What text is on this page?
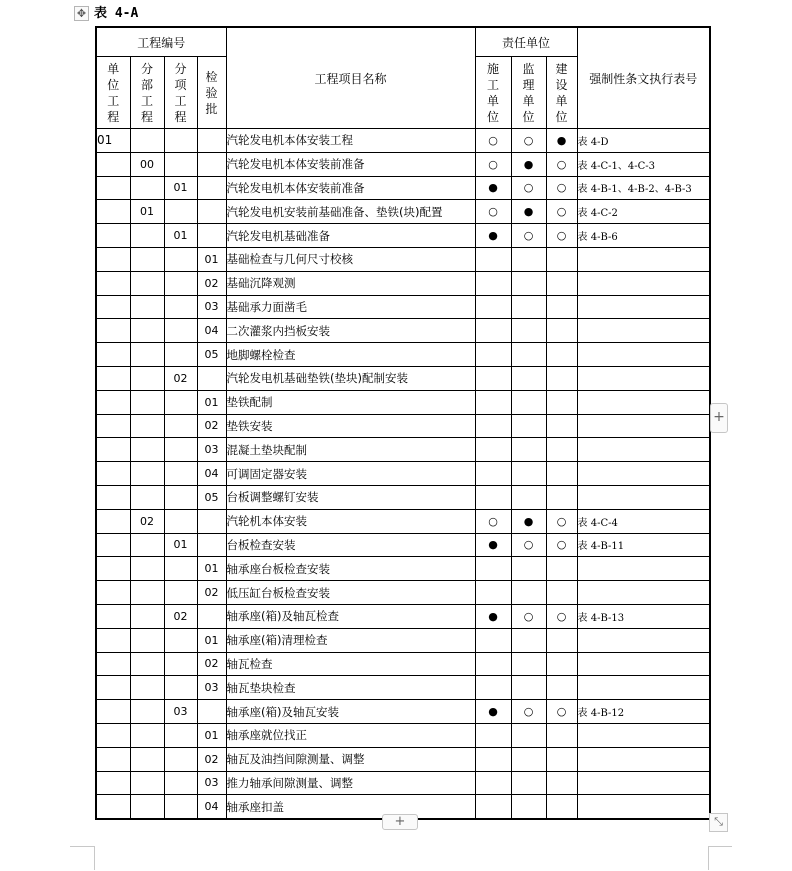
✥ 表 4-A
工程编号				工程项目名称	责任单位			强制性条文执行表号
单位工程	分部工程	分项工程	检验批		施工单位	监理单位	建设单位	
01				汽轮发电机本体安装工程	○	○	●	表 4-D
	00			汽轮发电机本体安装前准备	○	●	○	表 4-C-1、4-C-3
		01		汽轮发电机本体安装前准备	●	○	○	表 4-B-1、4-B-2、4-B-3
	01			汽轮发电机安装前基础准备、垫铁(块)配置	○	●	○	表 4-C-2
		01		汽轮发电机基础准备	●	○	○	表 4-B-6
			01	基础检查与几何尺寸校核				
			02	基础沉降观测				
			03	基础承力面凿毛				
			04	二次灌浆内挡板安装				
			05	地脚螺栓检查				
		02		汽轮发电机基础垫铁(垫块)配制安装				
			01	垫铁配制				
			02	垫铁安装				
			03	混凝土垫块配制				
			04	可调固定器安装				
			05	台板调整螺钉安装				
	02			汽轮机本体安装	○	●	○	表 4-C-4
		01		台板检查安装	●	○	○	表 4-B-11
			01	轴承座台板检查安装				
			02	低压缸台板检查安装				
		02		轴承座(箱)及轴瓦检查	●	○	○	表 4-B-13
			01	轴承座(箱)清理检查				
			02	轴瓦检查				
			03	轴瓦垫块检查				
		03		轴承座(箱)及轴瓦安装	●	○	○	表 4-B-12
			01	轴承座就位找正				
			02	轴瓦及油挡间隙测量、调整				
			03	推力轴承间隙测量、调整				
			04	轴承座扣盖				
+
+	⤡
